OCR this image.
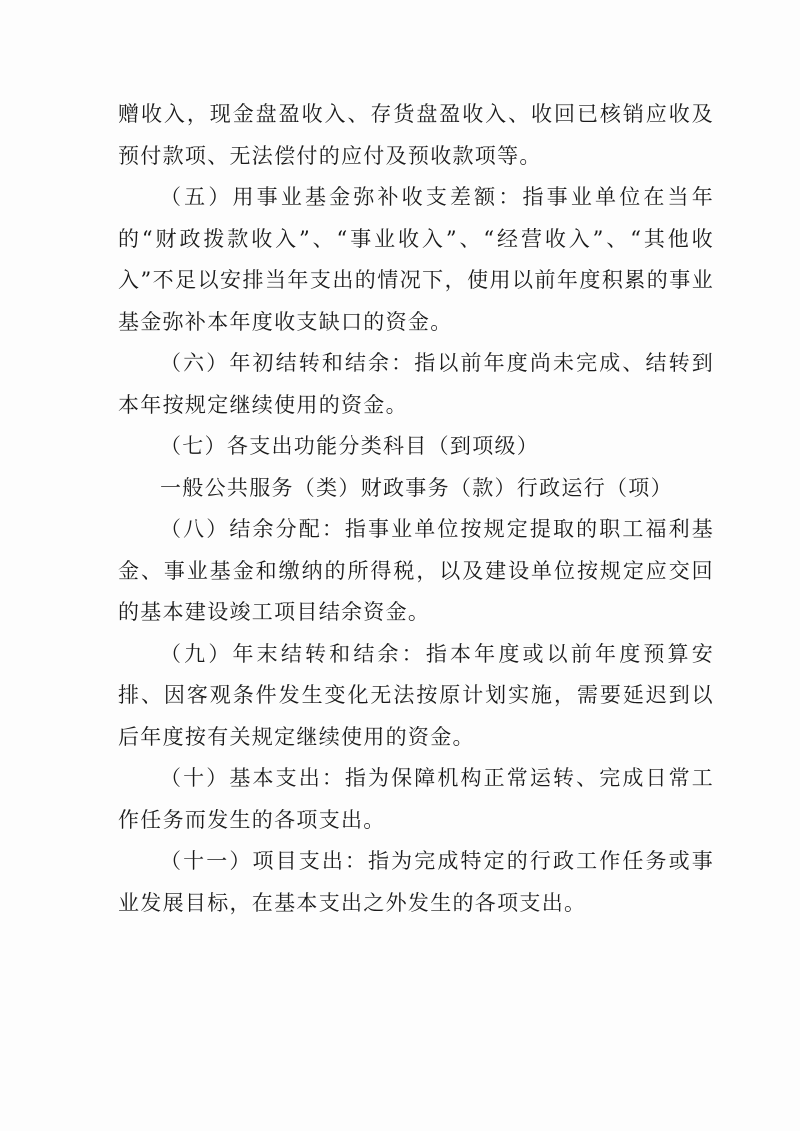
赠收入，现金盘盈收入、存货盘盈收入、收回已核销应收及预付款项、无法偿付的应付及预收款项等。

（五）用事业基金弥补收支差额：指事业单位在当年的“财政拨款收入”、“事业收入”、“经营收入”、“其他收入”不足以安排当年支出的情况下，使用以前年度积累的事业基金弥补本年度收支缺口的资金。

（六）年初结转和结余：指以前年度尚未完成、结转到本年按规定继续使用的资金。

（七）各支出功能分类科目（到项级）

一般公共服务（类）财政事务（款）行政运行（项）

（八）结余分配：指事业单位按规定提取的职工福利基金、事业基金和缴纳的所得税，以及建设单位按规定应交回的基本建设竣工项目结余资金。

（九）年末结转和结余：指本年度或以前年度预算安排、因客观条件发生变化无法按原计划实施，需要延迟到以后年度按有关规定继续使用的资金。

（十）基本支出：指为保障机构正常运转、完成日常工作任务而发生的各项支出。

（十一）项目支出：指为完成特定的行政工作任务或事业发展目标，在基本支出之外发生的各项支出。
